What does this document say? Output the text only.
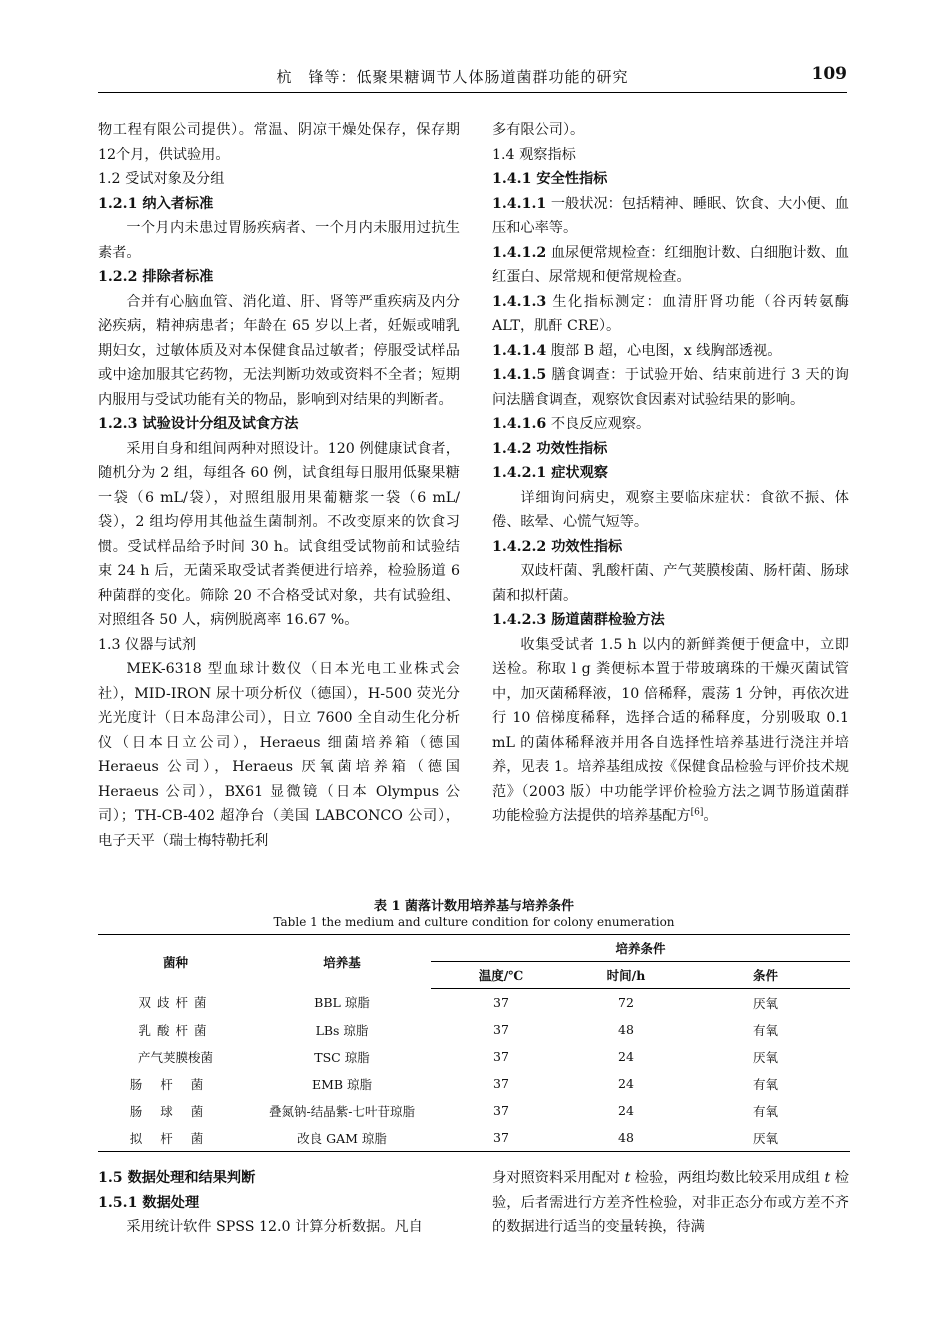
杭　锋等：低聚果糖调节人体肠道菌群功能的研究	109

物工程有限公司提供）。常温、阴凉干燥处保存，保存期12个月，供试验用。

1.2 受试对象及分组

1.2.1 纳入者标准

一个月内未患过胃肠疾病者、一个月内未服用过抗生素者。

1.2.2 排除者标准

合并有心脑血管、消化道、肝、肾等严重疾病及内分泌疾病，精神病患者；年龄在 65 岁以上者，妊娠或哺乳期妇女，过敏体质及对本保健食品过敏者；停服受试样品或中途加服其它药物，无法判断功效或资料不全者；短期内服用与受试功能有关的物品，影响到对结果的判断者。

1.2.3 试验设计分组及试食方法

采用自身和组间两种对照设计。120 例健康试食者，随机分为 2 组，每组各 60 例，试食组每日服用低聚果糖一袋（6 mL/袋），对照组服用果葡糖浆一袋（6 mL/袋），2 组均停用其他益生菌制剂。不改变原来的饮食习惯。受试样品给予时间 30 h。试食组受试物前和试验结束 24 h 后，无菌采取受试者粪便进行培养，检验肠道 6 种菌群的变化。筛除 20 不合格受试对象，共有试验组、对照组各 50 人，病例脱离率 16.67 %。

1.3 仪器与试剂

MEK-6318 型血球计数仪（日本光电工业株式会社），MID-IRON 尿十项分析仪（德国），H-500 荧光分光光度计（日本岛津公司），日立 7600 全自动生化分析仪（日本日立公司），Heraeus 细菌培养箱（德国 Heraeus 公司），Heraeus 厌氧菌培养箱（德国 Heraeus 公司），BX61 显微镜（日本 Olympus 公司）；TH-CB-402 超净台（美国 LABCONCO 公司），电子天平（瑞士梅特勒托利

多有限公司）。

1.4 观察指标

1.4.1 安全性指标

1.4.1.1 一般状况：包括精神、睡眠、饮食、大小便、血压和心率等。

1.4.1.2 血尿便常规检查：红细胞计数、白细胞计数、血红蛋白、尿常规和便常规检查。

1.4.1.3 生化指标测定：血清肝肾功能（谷丙转氨酶 ALT，肌酐 CRE）。

1.4.1.4 腹部 B 超，心电图，x 线胸部透视。

1.4.1.5 膳食调查：于试验开始、结束前进行 3 天的询问法膳食调查，观察饮食因素对试验结果的影响。

1.4.1.6 不良反应观察。

1.4.2 功效性指标

1.4.2.1 症状观察

详细询问病史，观察主要临床症状：食欲不振、体倦、眩晕、心慌气短等。

1.4.2.2 功效性指标

双歧杆菌、乳酸杆菌、产气荚膜梭菌、肠杆菌、肠球菌和拟杆菌。

1.4.2.3 肠道菌群检验方法

收集受试者 1.5 h 以内的新鲜粪便于便盒中，立即送检。称取 l g 粪便标本置于带玻璃珠的干燥灭菌试管中，加灭菌稀释液，10 倍稀释，震荡 1 分钟，再依次进行 10 倍梯度稀释，选择合适的稀释度，分别吸取 0.1 mL 的菌体稀释液并用各自选择性培养基进行浇注并培养，见表 1。培养基组成按《保健食品检验与评价技术规范》（2003 版）中功能学评价检验方法之调节肠道菌群功能检验方法提供的培养基配方[6]。

表 1 菌落计数用培养基与培养条件
Table 1 the medium and culture condition for colony enumeration
菌种	培养基	培养条件		
		温度/℃	时间/h	条件
双歧杆菌	BBL 琼脂	37	72	厌氧
乳酸杆菌	LBs 琼脂	37	48	有氧
产气荚膜梭菌	TSC 琼脂	37	24	厌氧
肠杆菌	EMB 琼脂	37	24	有氧
肠球菌	叠氮钠-结晶紫-七叶苷琼脂	37	24	有氧
拟杆菌	改良 GAM 琼脂	37	48	厌氧

1.5 数据处理和结果判断

1.5.1 数据处理

采用统计软件 SPSS 12.0 计算分析数据。凡自

身对照资料采用配对 t 检验，两组均数比较采用成组 t 检验，后者需进行方差齐性检验，对非正态分布或方差不齐的数据进行适当的变量转换，待满
